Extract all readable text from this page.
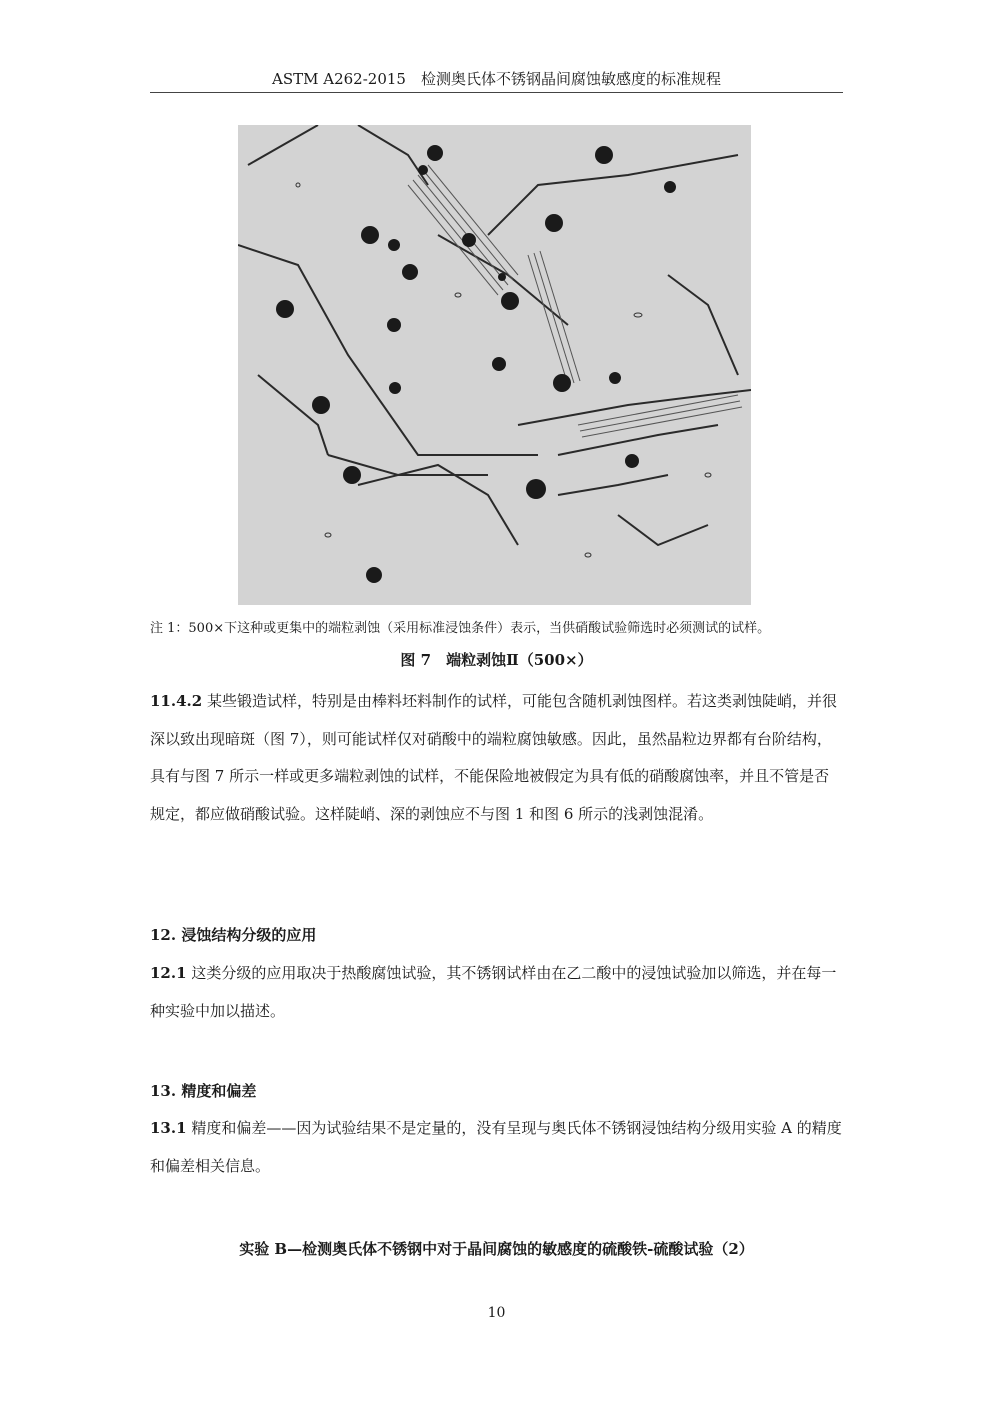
ASTM A262-2015　检测奥氏体不锈钢晶间腐蚀敏感度的标准规程
注 1：500×下这种或更集中的端粒剥蚀（采用标准浸蚀条件）表示，当供硝酸试验筛选时必须测试的试样。
图 7　端粒剥蚀Ⅱ（500×）

11.4.2 某些锻造试样，特别是由棒料坯料制作的试样，可能包含随机剥蚀图样。若这类剥蚀陡峭，并很深以致出现暗斑（图 7），则可能试样仅对硝酸中的端粒腐蚀敏感。因此，虽然晶粒边界都有台阶结构，具有与图 7 所示一样或更多端粒剥蚀的试样，不能保险地被假定为具有低的硝酸腐蚀率，并且不管是否规定，都应做硝酸试验。这样陡峭、深的剥蚀应不与图 1 和图 6 所示的浅剥蚀混淆。

12. 浸蚀结构分级的应用

12.1 这类分级的应用取决于热酸腐蚀试验，其不锈钢试样由在乙二酸中的浸蚀试验加以筛选，并在每一种实验中加以描述。

13. 精度和偏差

13.1 精度和偏差——因为试验结果不是定量的，没有呈现与奥氏体不锈钢浸蚀结构分级用实验 A 的精度和偏差相关信息。

实验 B—检测奥氏体不锈钢中对于晶间腐蚀的敏感度的硫酸铁-硫酸试验（2）
10
